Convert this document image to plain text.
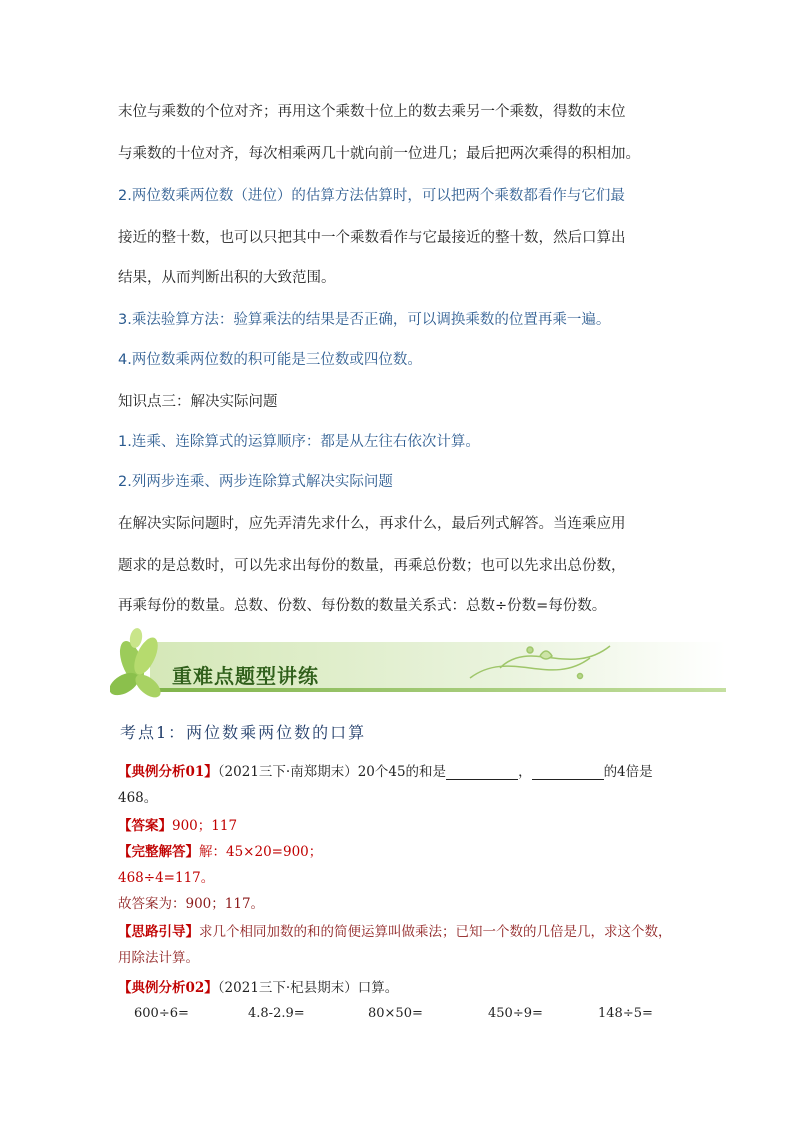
末位与乘数的个位对齐；再用这个乘数十位上的数去乘另一个乘数，得数的末位
与乘数的十位对齐，每次相乘两几十就向前一位进几；最后把两次乘得的积相加。
2.两位数乘两位数（进位）的估算方法估算时，可以把两个乘数都看作与它们最
接近的整十数，也可以只把其中一个乘数看作与它最接近的整十数，然后口算出
结果，从而判断出积的大致范围。
3.乘法验算方法：验算乘法的结果是否正确，可以调换乘数的位置再乘一遍。
4.两位数乘两位数的积可能是三位数或四位数。
知识点三：解决实际问题
1.连乘、连除算式的运算顺序：都是从左往右依次计算。
2.列两步连乘、两步连除算式解决实际问题
在解决实际问题时，应先弄清先求什么，再求什么，最后列式解答。当连乘应用
题求的是总数时，可以先求出每份的数量，再乘总份数；也可以先求出总份数，
再乘每份的数量。总数、份数、每份数的数量关系式：总数÷份数=每份数。
重难点题型讲练
考点1：两位数乘两位数的口算
【典例分析01】（2021三下·南郑期末）20个45的和是	，	的4倍是
468。
【答案】900；117
【完整解答】解：45×20=900；
468÷4=117。
故答案为：900；117。
【思路引导】求几个相同加数的和的简便运算叫做乘法；已知一个数的几倍是几，求这个数，
用除法计算。
【典例分析02】（2021三下·杞县期末）口算。
600÷6=	4.8-2.9=	80×50=	450÷9=	148÷5=
